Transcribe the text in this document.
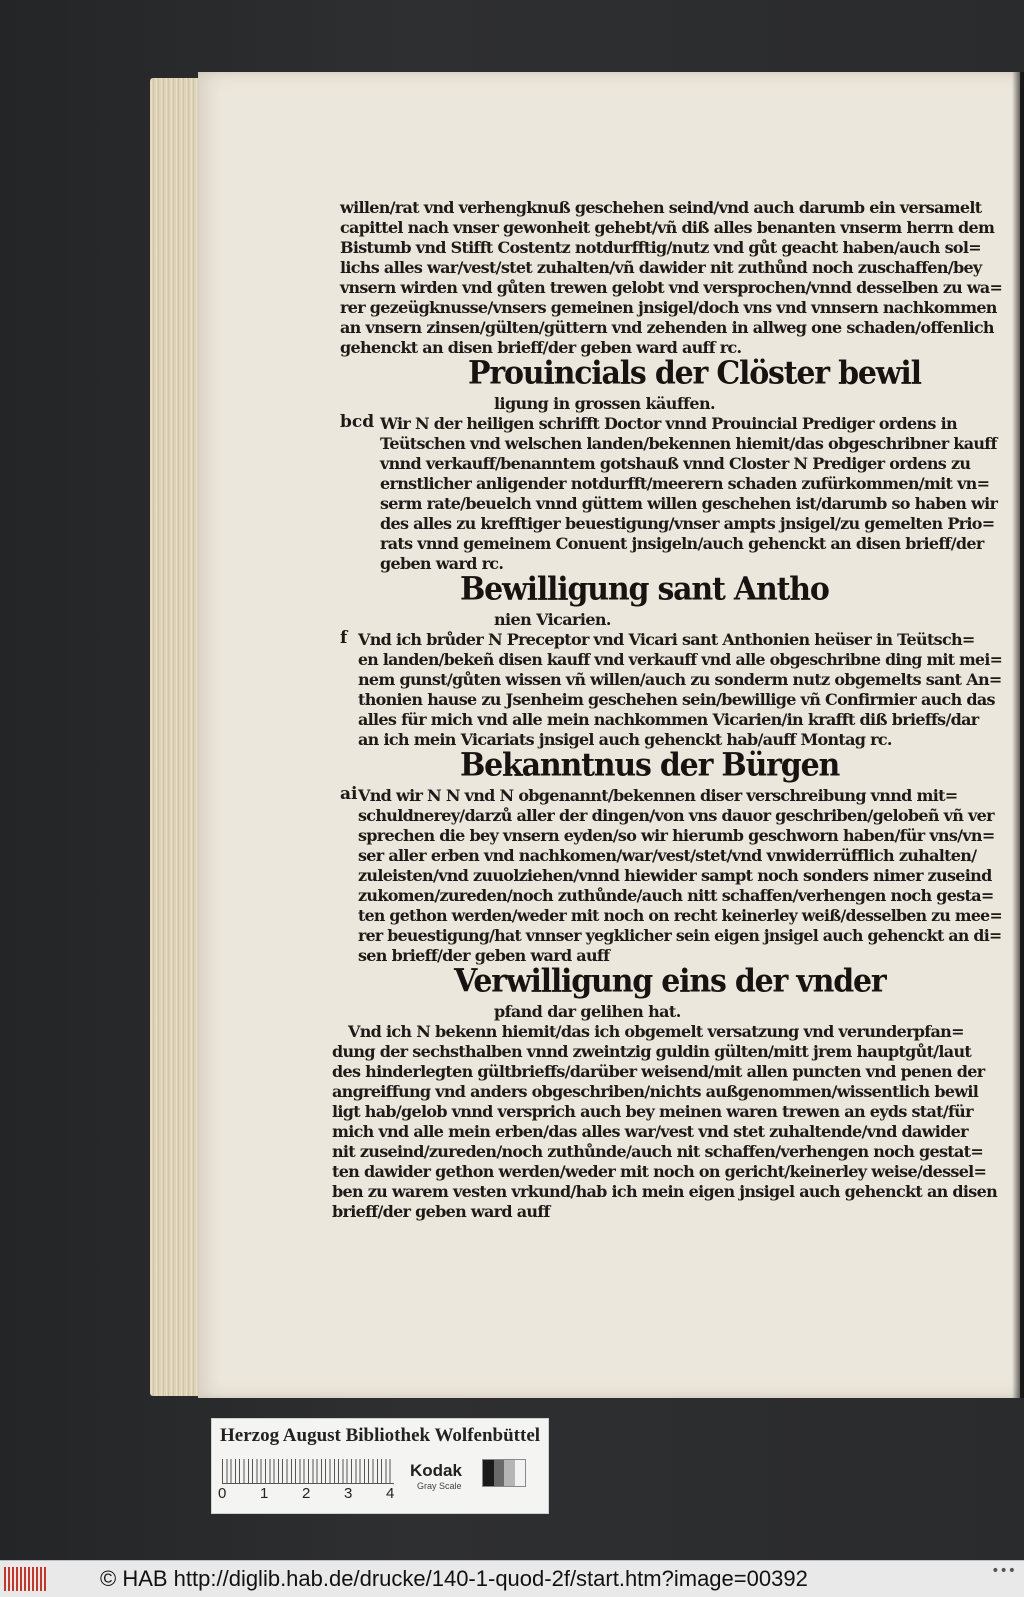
willen/rat vnd verhengknuß geschehen seind/vnd auch darumb ein versamelt
capittel nach vnser gewonheit gehebt/vñ diß alles benanten vnserm herrn dem
Bistumb vnd Stifft Costentz notdurfftig/nutz vnd gůt geacht haben/auch sol=
lichs alles war/vest/stet zuhalten/vñ dawider nit zuthůnd noch zuschaffen/bey
vnsern wirden vnd gůten trewen gelobt vnd versprochen/vnnd desselben zu wa=
rer gezeügknusse/vnsers gemeinen jnsigel/doch vns vnd vnnsern nachkommen
an vnsern zinsen/gülten/güttern vnd zehenden in allweg one schaden/offenlich
gehenckt an disen brieff/der geben ward auff rc.
Prouincials der Clöster bewil
ligung in grossen käuffen.
bcd Wir N der heiligen schrifft Doctor vnnd Prouincial Prediger ordens in
Teütschen vnd welschen landen/bekennen hiemit/das obgeschribner kauff
vnnd verkauff/benanntem gotshauß vnnd Closter N Prediger ordens zu
ernstlicher anligender notdurfft/meerern schaden zufürkommen/mit vn=
serm rate/beuelch vnnd güttem willen geschehen ist/darumb so haben wir
des alles zu krefftiger beuestigung/vnser ampts jnsigel/zu gemelten Prio=
rats vnnd gemeinem Conuent jnsigeln/auch gehenckt an disen brieff/der
geben ward rc.
Bewilligung sant Antho
nien Vicarien.
f Vnd ich brůder N Preceptor vnd Vicari sant Anthonien heüser in Teütsch=
en landen/bekeñ disen kauff vnd verkauff vnd alle obgeschribne ding mit mei=
nem gunst/gůten wissen vñ willen/auch zu sonderm nutz obgemelts sant An=
thonien hause zu Jsenheim geschehen sein/bewillige vñ Confirmier auch das
alles für mich vnd alle mein nachkommen Vicarien/in krafft diß brieffs/dar
an ich mein Vicariats jnsigel auch gehenckt hab/auff Montag rc.
Bekanntnus der Bürgen
ai Vnd wir N N vnd N obgenannt/bekennen diser verschreibung vnnd mit=
schuldnerey/darzů aller der dingen/von vns dauor geschriben/gelobeñ vñ ver
sprechen die bey vnsern eyden/so wir hierumb geschworn haben/für vns/vn=
ser aller erben vnd nachkomen/war/vest/stet/vnd vnwiderrüfflich zuhalten/
zuleisten/vnd zuuolziehen/vnnd hiewider sampt noch sonders nimer zuseind
zukomen/zureden/noch zuthůnde/auch nitt schaffen/verhengen noch gesta=
ten gethon werden/weder mit noch on recht keinerley weiß/desselben zu mee=
rer beuestigung/hat vnnser yegklicher sein eigen jnsigel auch gehenckt an di=
sen brieff/der geben ward auff
Verwilligung eins der vnder
pfand dar gelihen hat.
Vnd ich N bekenn hiemit/das ich obgemelt versatzung vnd verunderpfan=
dung der sechsthalben vnnd zweintzig guldin gülten/mitt jrem hauptgůt/laut
des hinderlegten gültbrieffs/darüber weisend/mit allen puncten vnd penen der
angreiffung vnd anders obgeschriben/nichts außgenommen/wissentlich bewil
ligt hab/gelob vnnd versprich auch bey meinen waren trewen an eyds stat/für
mich vnd alle mein erben/das alles war/vest vnd stet zuhaltende/vnd dawider
nit zuseind/zureden/noch zuthůnde/auch nit schaffen/verhengen noch gestat=
ten dawider gethon werden/weder mit noch on gericht/keinerley weise/dessel=
ben zu warem vesten vrkund/hab ich mein eigen jnsigel auch gehenckt an disen
brieff/der geben ward auff
Herzog August Bibliothek Wolfenbüttel
0 1 2 3 4
Kodak
Gray Scale
© HAB http://diglib.hab.de/drucke/140-1-quod-2f/start.htm?image=00392	•••
